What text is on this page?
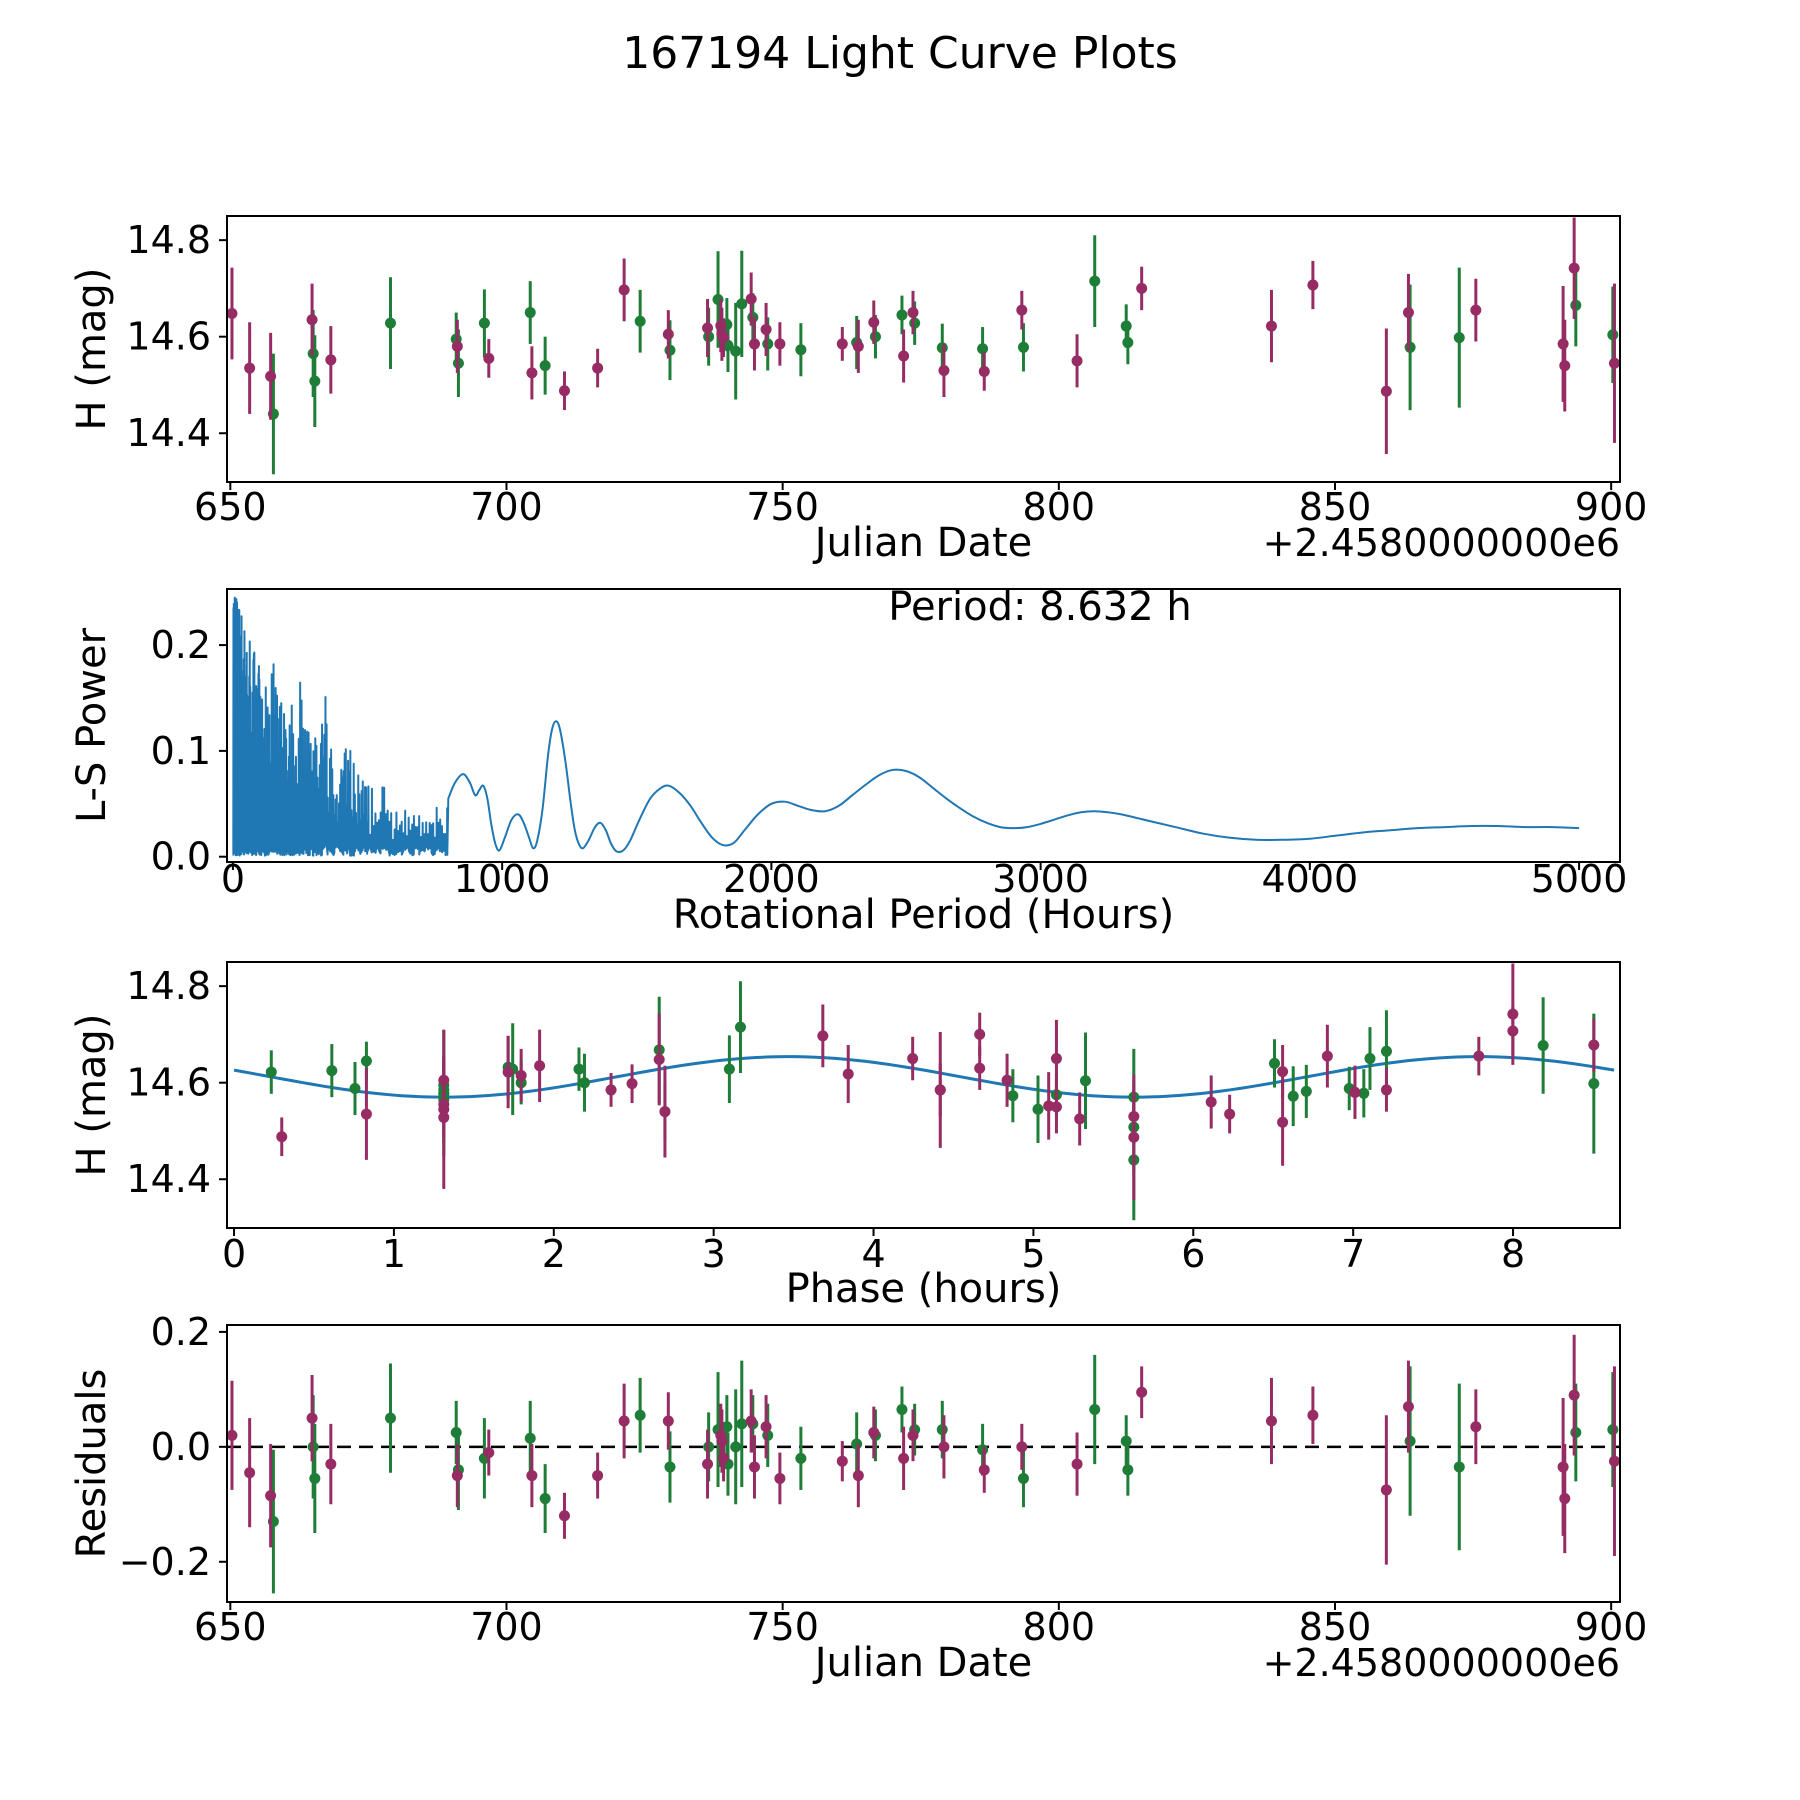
167194 Light Curve Plots
650	700	750	800	850	900
14.4
14.6
14.8
Julian Date
H (mag)
+2.4580000000e6
0	1000	2000	3000	4000	5000
0.0
0.1
0.2
Rotational Period (Hours)
L-S Power
Period: 8.632 h
0	1	2	3	4	5	6	7	8
14.4
14.6
14.8
Phase (hours)
H (mag)
650	700	750	800	850	900
−0.2
0.0
0.2
Julian Date
Residuals
+2.4580000000e6
